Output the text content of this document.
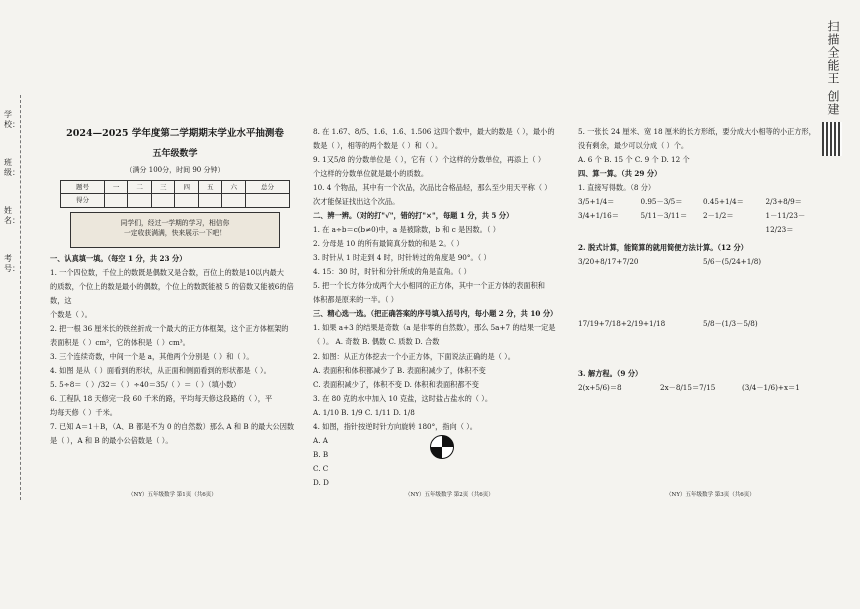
学校：
班级：
姓名：
考号：
扫描全能王 创建
2024—2025 学年度第二学期期末学业水平抽测卷
五年级数学
（满分 100分，时间 90 分钟）
题号	一	二	三	四	五	六	总分
得分							
同学们，经过一学期的学习，相信你
一定收获满满，快来展示一下吧！

一、认真填一填。（每空 1 分，共 23 分）

1. 一个四位数，千位上的数既是偶数又是合数，百位上的数是10以内最大

的质数，个位上的数是最小的偶数，个位上的数既能被 5 的倍数又能被6的倍数，这

个数是（ ）。

2. 把一根 36 厘米长的铁丝折成一个最大的正方体框架，这个正方体框架的

表面积是（ ）cm²，它的体积是（ ）cm³。

3. 三个连续奇数，中间一个是 a，其他两个分别是（ ）和（ ）。

4. 如图 是从（ ）面看到的形状，从正面和侧面看到的形状都是（ ）。

5. 5÷8＝（ ）/32＝（ ）÷40＝35/（ ）＝（ ）（填小数）

6. 工程队 18 天修完一段 60 千米的路，平均每天修这段路的（ ），平

均每天修（ ）千米。

7. 已知 A＝1＋B，（A、B 都是不为 0 的自然数）那么 A 和 B 的最大公因数

是（ ），A 和 B 的最小公倍数是（ ）。

8. 在 1.67、8/5、1.6、1.6̇、1.506 这四个数中，最大的数是（ ），最小的

数是（ ），相等的两个数是（ ）和（ ）。

9. 1又5/8 的分数单位是（ ），它有（ ）个这样的分数单位，再添上（ ）

个这样的分数单位就是最小的质数。

10. 4 个物品，其中有一个次品，次品比合格品轻，那么至少用天平称（ ）

次才能保证找出这个次品。

二、辨一辨。（对的打"√"，错的打"×"，每题 1 分，共 5 分）

1. 在 a÷b＝c(b≠0)中，a 是被除数，b 和 c 是因数。（ ）

2. 分母是 10 的所有最简真分数的和是 2。（ ）

3. 时针从 1 时走到 4 时，时针转过的角度是 90°。（ ）

4. 15：30 时，时针和分针所成的角是直角。（ ）

5. 把一个长方体分成两个大小相同的正方体，其中一个正方体的表面积和

体积都是原来的一半。（ ）

三、精心选一选。（把正确答案的序号填入括号内，每小题 2 分，共 10 分）

1. 如果 a+3 的结果是奇数（a 是非零的自然数），那么 5a+7 的结果一定是

（ ）。 A. 奇数 B. 偶数 C. 质数 D. 合数

2. 如图：从正方体挖去一个小正方体，下面说法正确的是（ ）。

A. 表面积和体积都减少了 B. 表面积减少了，体积不变

C. 表面积减少了，体积不变 D. 体积和表面积都不变

3. 在 80 克的水中加入 10 克盐，这时盐占盐水的（ ）。

A. 1/10 B. 1/9 C. 1/11 D. 1/8

4. 如图，指针按逆时针方向旋转 180°，指向（ ）。

A. A

B. B

C. C

D. D

5. 一张长 24 厘米、宽 18 厘米的长方形纸，要分成大小相等的小正方形，

没有剩余，最少可以分成（ ）个。

A. 6 个 B. 15 个 C. 9 个 D. 12 个

四、算一算。（共 29 分）

1. 直接写得数。（8 分）

3/5+1/4＝	0.95－3/5＝	0.45+1/4＝	2/3+8/9＝
3/4+1/16＝	5/11－3/11＝	2－1/2＝	1－11/23－12/23＝

2. 脱式计算，能简算的就用简便方法计算。（12 分）

3/20+8/17+7/20	5/6－(5/24+1/8)
17/19+7/18+2/19+1/18	5/8－(1/3－5/8)

3. 解方程。（9 分）

2(x+5/6)＝8	2x－8/15＝7/15	(3/4－1/6)+x＝1
（NY）五年级数学 第1页（共6页）	（NY）五年级数学 第2页（共6页）	（NY）五年级数学 第3页（共6页）
